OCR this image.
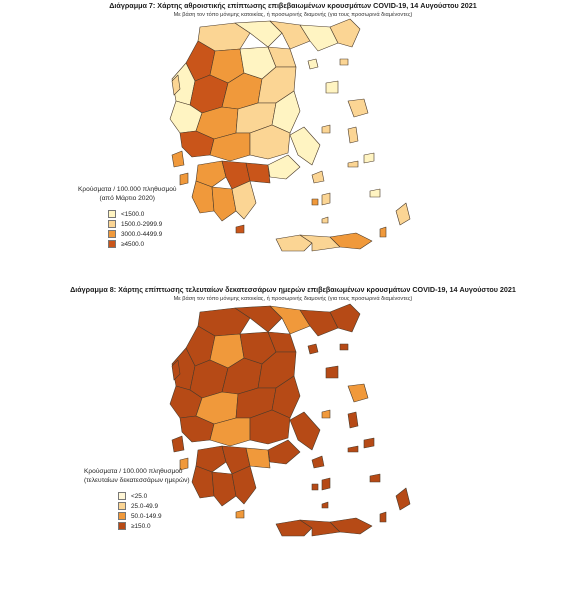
Διάγραμμα 7: Χάρτης αθροιστικής επίπτωσης επιβεβαιωμένων κρουσμάτων COVID-19, 14 Αυγούστου 2021
Με βάση τον τόπο μόνιμης κατοικίας, ή προσωρινής διαμονής (για τους προσωρινά διαμένοντες)
Κρούσματα / 100.000 πληθυσμού
(από Μάρτιο 2020)
<1500.0
1500.0-2999.9
3000.0-4499.9
≥4500.0
Διάγραμμα 8: Χάρτης επίπτωσης τελευταίων δεκατεσσάρων ημερών επιβεβαιωμένων κρουσμάτων COVID-19, 14 Αυγούστου 2021
Με βάση τον τόπο μόνιμης κατοικίας, ή προσωρινής διαμονής (για τους προσωρινά διαμένοντες)
Κρούσματα / 100.000 πληθυσμού
(τελευταίων δεκατεσσάρων ημερών)
<25.0
25.0-49.9
50.0-149.9
≥150.0
